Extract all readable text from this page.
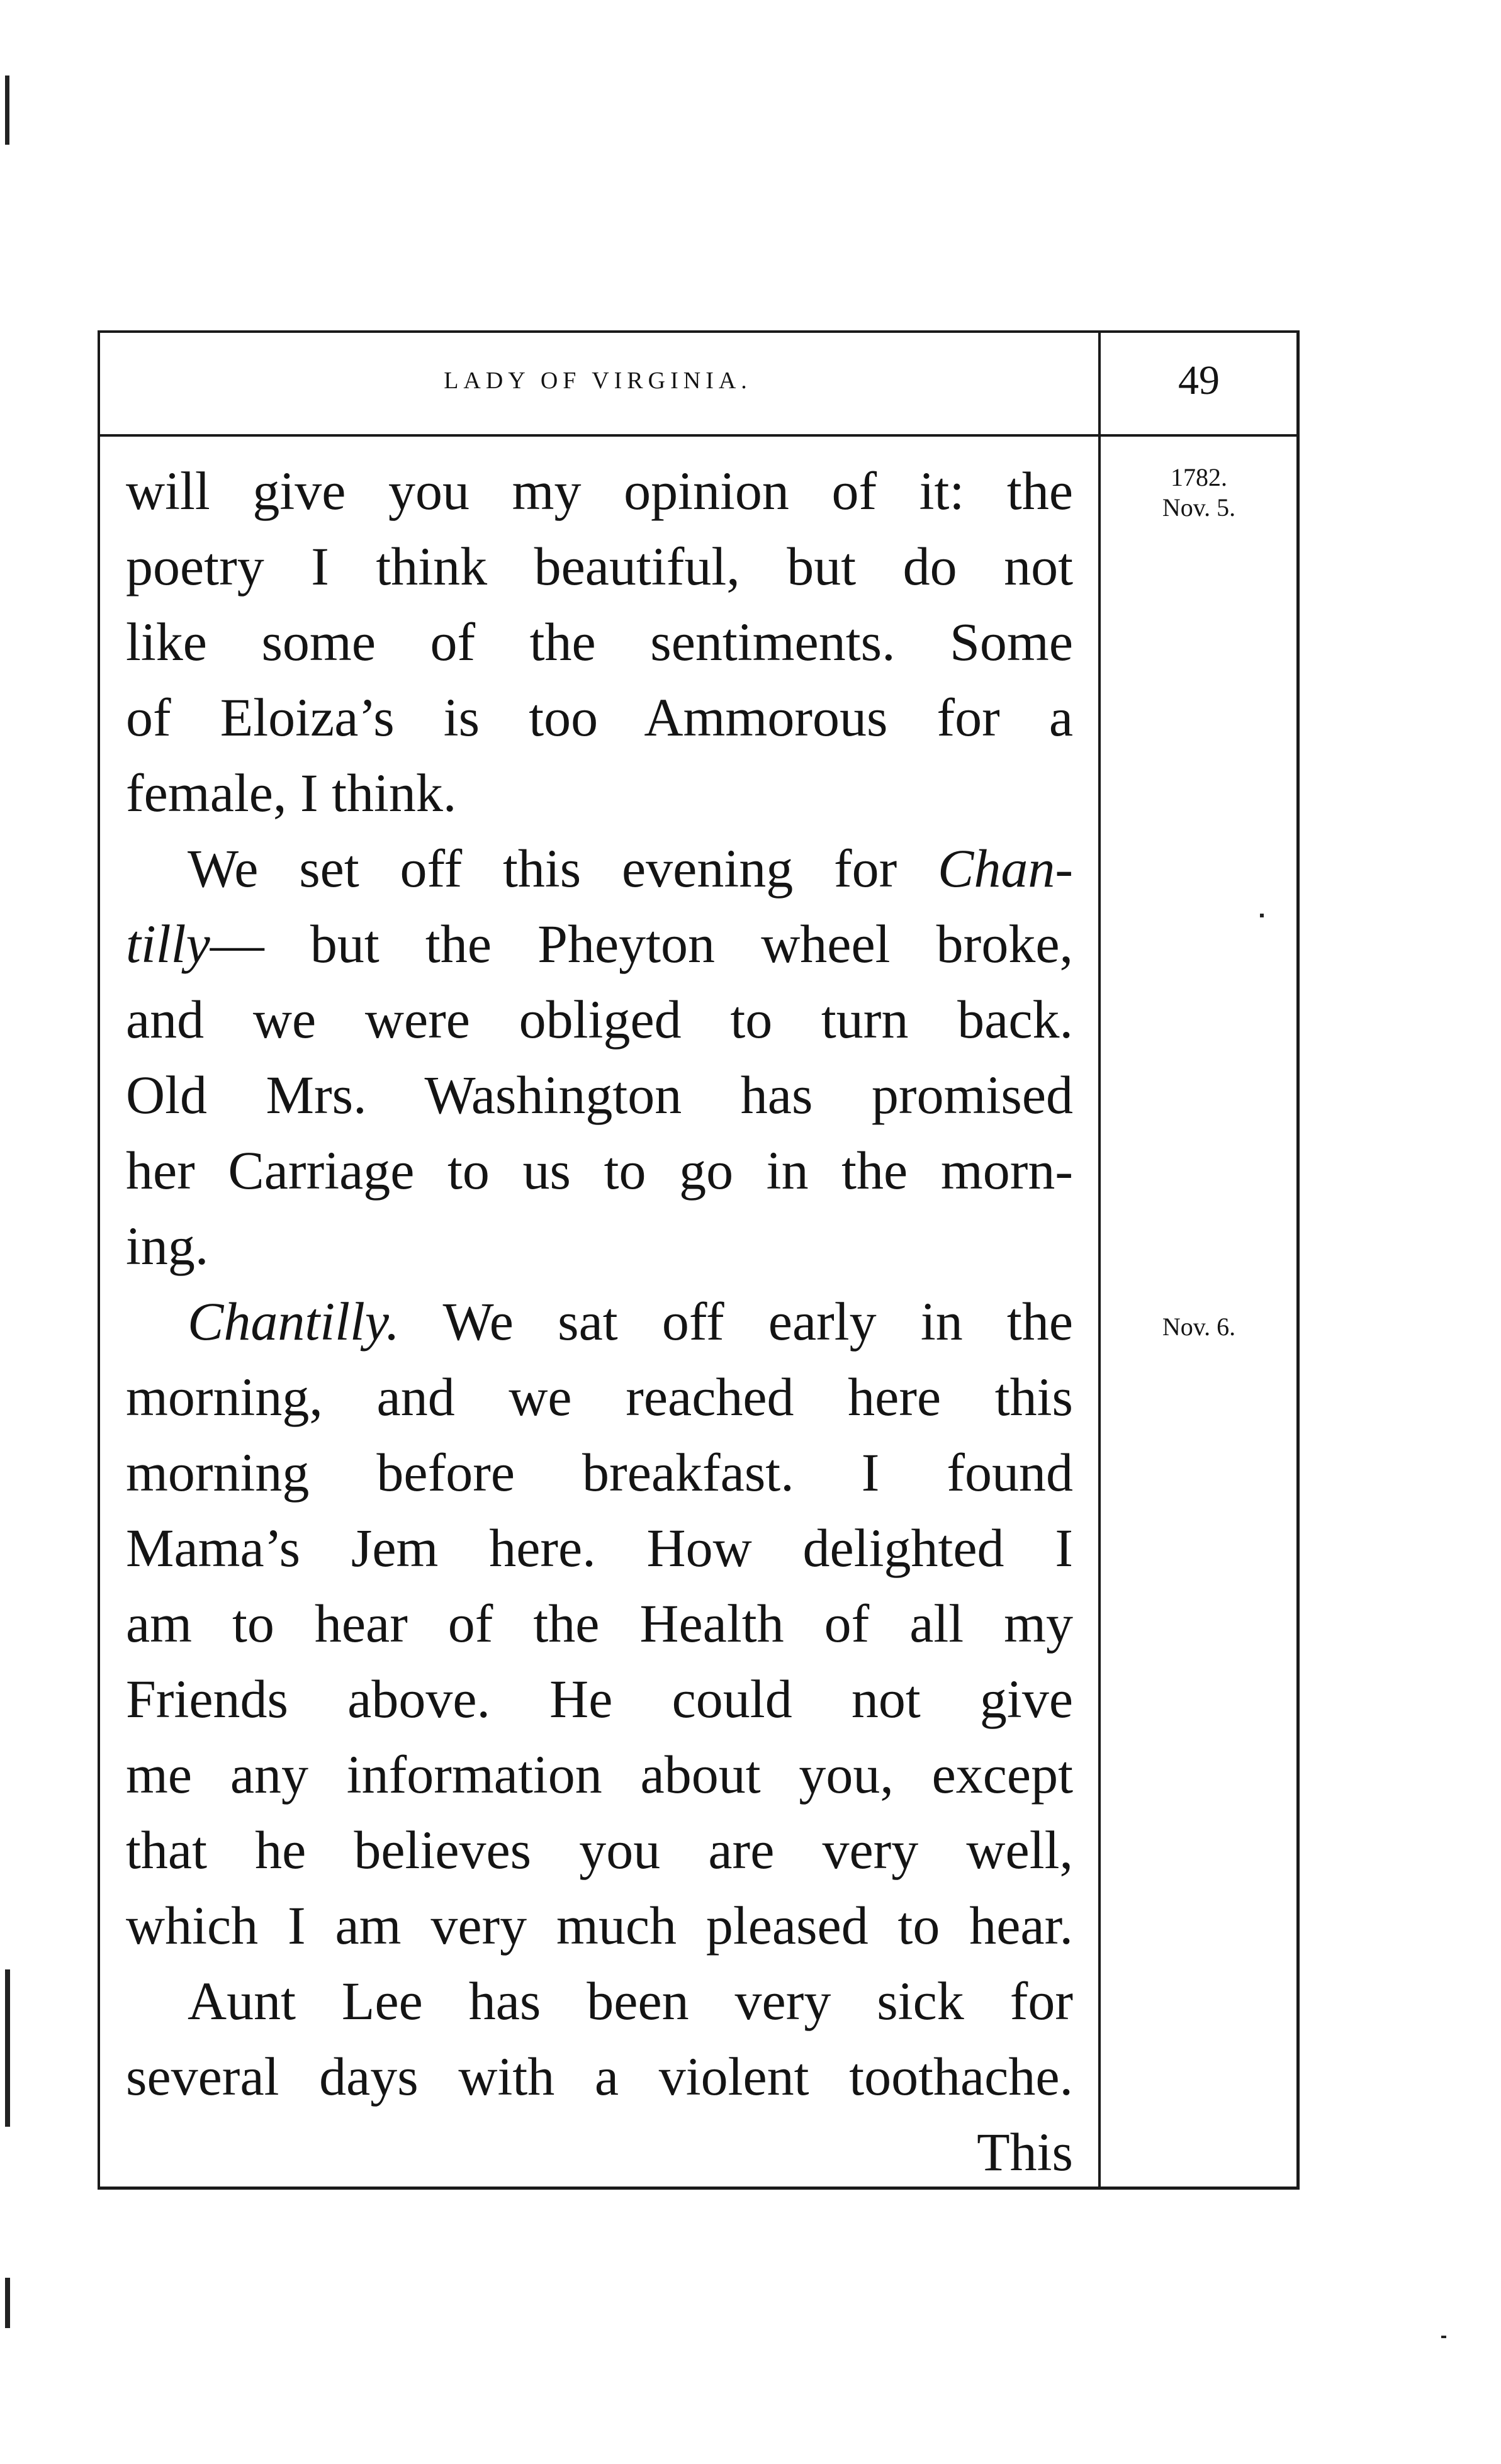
LADY OF VIRGINIA.	49
1782.
Nov. 5.
Nov. 6.
will give you my opinion of it: the
poetry I think beautiful, but do not
like some of the sentiments. Some
of Eloiza’s is too Ammorous for a
female, I think.
We set off this evening for Chan-
tilly— but the Pheyton wheel broke,
and we were obliged to turn back.
Old Mrs. Washington has promised
her Carriage to us to go in the morn-
ing.
Chantilly. We sat off early in the
morning, and we reached here this
morning before breakfast. I found
Mama’s Jem here. How delighted I
am to hear of the Health of all my
Friends above. He could not give
me any information about you, except
that he believes you are very well,
which I am very much pleased to hear.
Aunt Lee has been very sick for
several days with a violent toothache.
This
